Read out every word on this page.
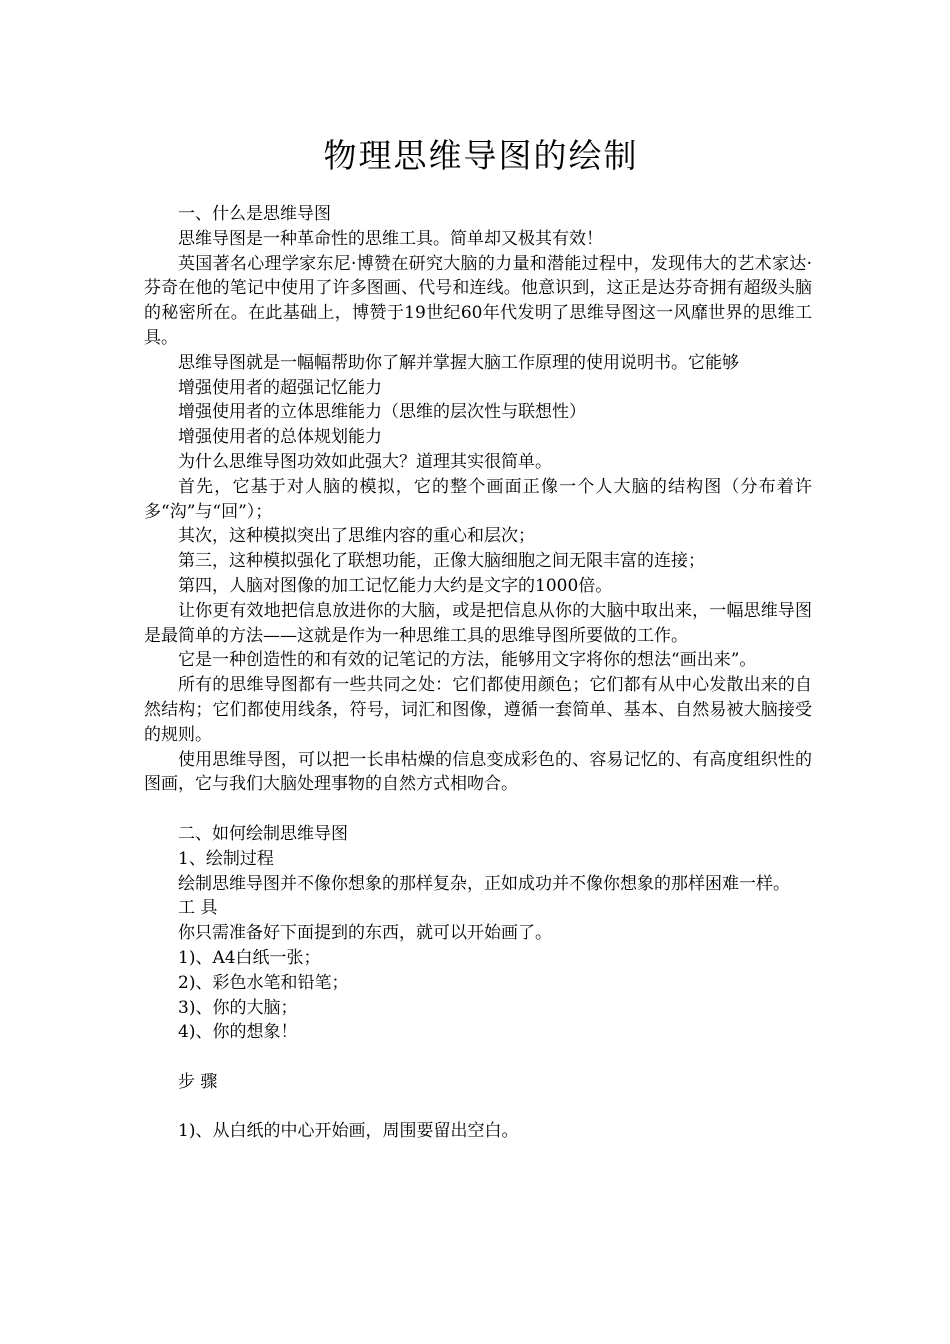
物理思维导图的绘制

一、什么是思维导图

思维导图是一种革命性的思维工具。简单却又极其有效！

英国著名心理学家东尼·博赞在研究大脑的力量和潜能过程中，发现伟大的艺术家达·芬奇在他的笔记中使用了许多图画、代号和连线。他意识到，这正是达芬奇拥有超级头脑的秘密所在。在此基础上，博赞于19世纪60年代发明了思维导图这一风靡世界的思维工具。

思维导图就是一幅幅帮助你了解并掌握大脑工作原理的使用说明书。它能够

增强使用者的超强记忆能力

增强使用者的立体思维能力（思维的层次性与联想性）

增强使用者的总体规划能力

为什么思维导图功效如此强大？道理其实很简单。

首先，它基于对人脑的模拟，它的整个画面正像一个人大脑的结构图（分布着许多“沟”与“回”）；

其次，这种模拟突出了思维内容的重心和层次；

第三，这种模拟强化了联想功能，正像大脑细胞之间无限丰富的连接；

第四，人脑对图像的加工记忆能力大约是文字的1000倍。

让你更有效地把信息放进你的大脑，或是把信息从你的大脑中取出来，一幅思维导图是最简单的方法——这就是作为一种思维工具的思维导图所要做的工作。

它是一种创造性的和有效的记笔记的方法，能够用文字将你的想法“画出来”。

所有的思维导图都有一些共同之处：它们都使用颜色；它们都有从中心发散出来的自然结构；它们都使用线条，符号，词汇和图像，遵循一套简单、基本、自然易被大脑接受的规则。

使用思维导图，可以把一长串枯燥的信息变成彩色的、容易记忆的、有高度组织性的图画，它与我们大脑处理事物的自然方式相吻合。

二、如何绘制思维导图

1、绘制过程

绘制思维导图并不像你想象的那样复杂，正如成功并不像你想象的那样困难一样。

工 具

你只需准备好下面提到的东西，就可以开始画了。

1)、A4白纸一张；

2)、彩色水笔和铅笔；

3)、你的大脑；

4)、你的想象！

步 骤

1)、从白纸的中心开始画，周围要留出空白。
